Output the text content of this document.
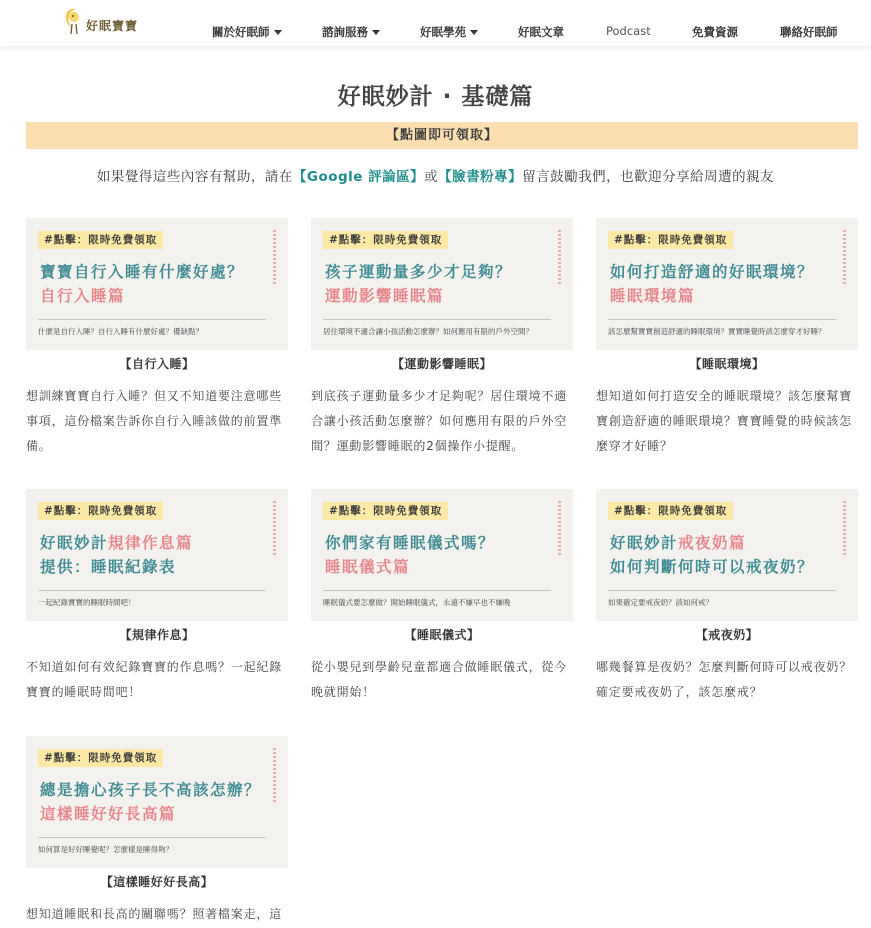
好眠寶寶	關於好眠師	諮詢服務	好眠學苑	好眠文章	Podcast	免費資源	聯絡好眠師
好眠妙計 · 基礎篇
【點圖即可領取】
如果覺得這些內容有幫助，請在【Google 評論區】或【臉書粉專】留言鼓勵我們，也歡迎分享給周遭的親友
#點擊：限時免費領取
寶寶自行入睡有什麼好處？
自行入睡篇
什麼是自行入睡？自行入睡有什麼好處？優缺點？
【自行入睡】
想訓練寶寶自行入睡？但又不知道要注意哪些事項，這份檔案告訴你自行入睡該做的前置準備。
#點擊：限時免費領取
孩子運動量多少才足夠？
運動影響睡眠篇
居住環境不適合讓小孩活動怎麼辦？如何應用有限的戶外空間？
【運動影響睡眠】
到底孩子運動量多少才足夠呢？居住環境不適合讓小孩活動怎麼辦？如何應用有限的戶外空間？運動影響睡眠的2個操作小提醒。
#點擊：限時免費領取
如何打造舒適的好眠環境？
睡眠環境篇
該怎麼幫寶寶創造舒適的睡眠環境？寶寶睡覺時該怎麼穿才好睡？
【睡眠環境】
想知道如何打造安全的睡眠環境？該怎麼幫寶寶創造舒適的睡眠環境？寶寶睡覺的時候該怎麼穿才好睡？
#點擊：限時免費領取
好眠妙計規律作息篇
提供：睡眠紀錄表
一起紀錄寶寶的睡眠時間吧！
【規律作息】
不知道如何有效紀錄寶寶的作息嗎？一起紀錄寶寶的睡眠時間吧！
#點擊：限時免費領取
你們家有睡眠儀式嗎？
睡眠儀式篇
睡眠儀式要怎麼做？開始睡眠儀式，永遠不嫌早也不嫌晚
【睡眠儀式】
從小嬰兒到學齡兒童都適合做睡眠儀式，從今晚就開始！
#點擊：限時免費領取
好眠妙計戒夜奶篇
如何判斷何時可以戒夜奶？
如果確定要戒夜奶？該如何戒？
【戒夜奶】
哪幾餐算是夜奶？怎麼判斷何時可以戒夜奶？確定要戒夜奶了，該怎麼戒？
#點擊：限時免費領取
總是擔心孩子長不高該怎辦？
這樣睡好好長高篇
如何算是好好睡覺呢？怎麼樣是睡得夠？
【這樣睡好好長高】
想知道睡眠和長高的關聯嗎？照著檔案走，這
